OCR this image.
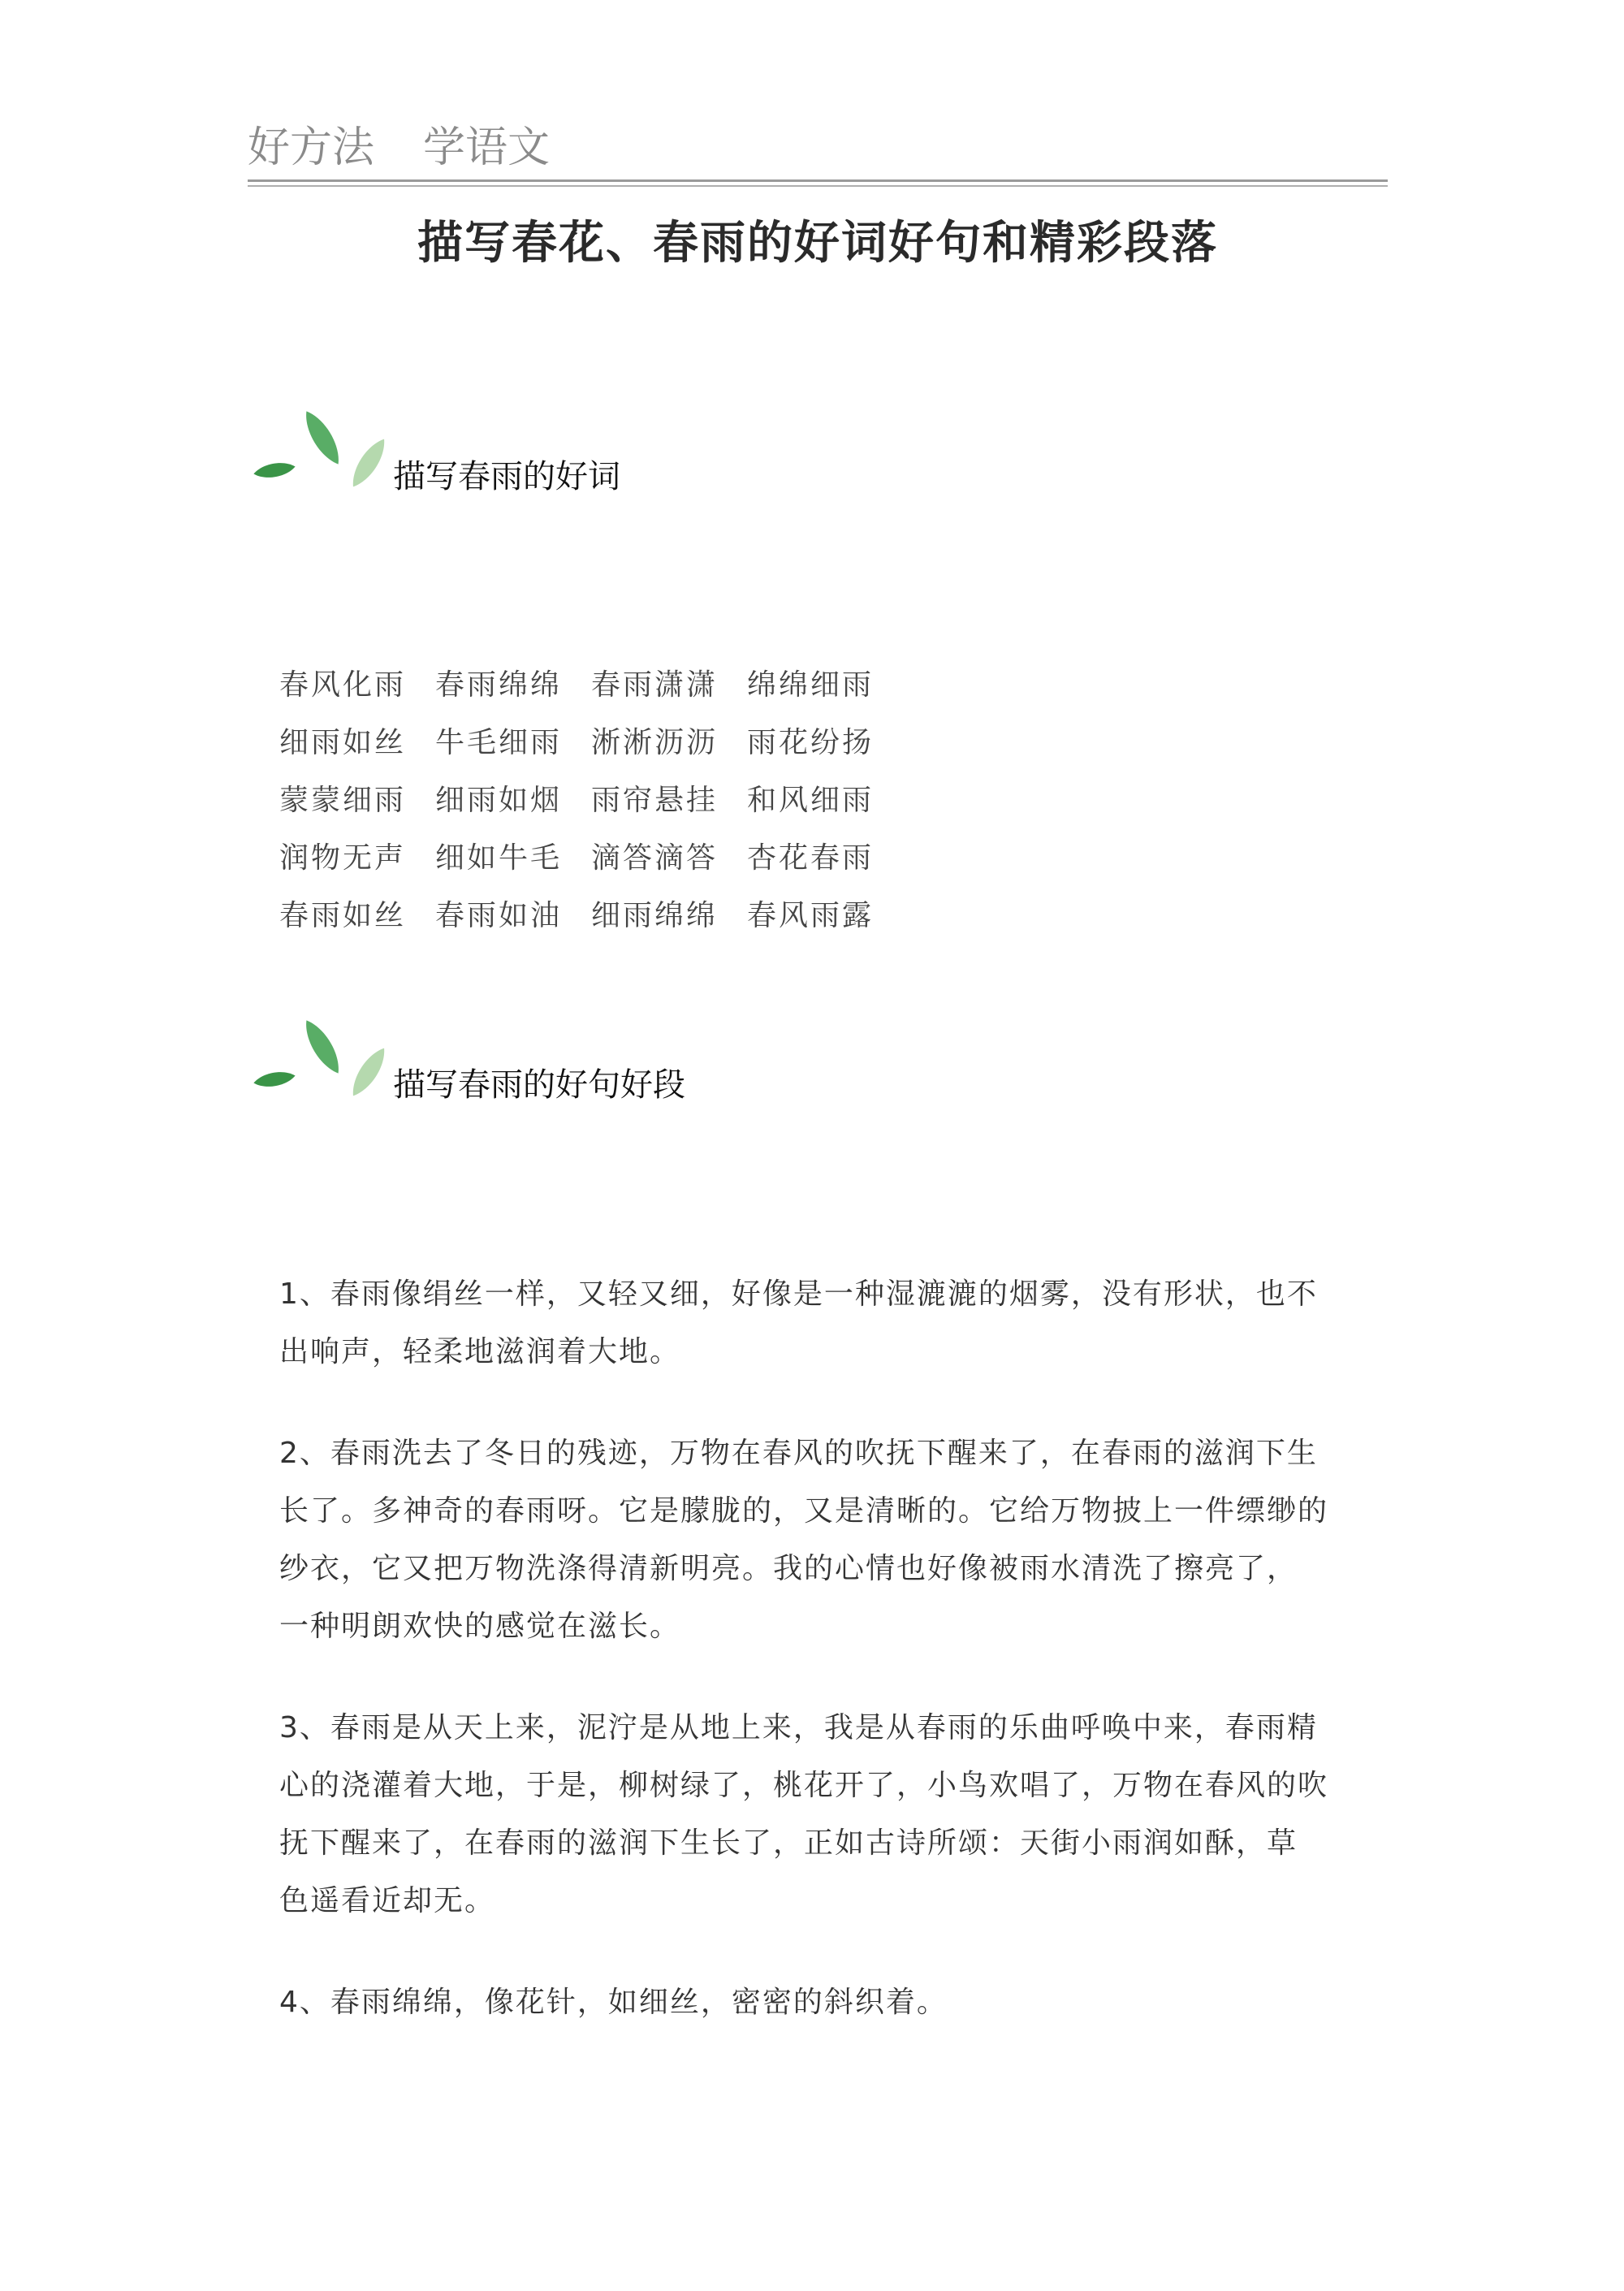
好方法 学语文
描写春花、春雨的好词好句和精彩段落
描写春雨的好词
春风化雨 春雨绵绵 春雨潇潇 绵绵细雨
细雨如丝 牛毛细雨 淅淅沥沥 雨花纷扬
蒙蒙细雨 细雨如烟 雨帘悬挂 和风细雨
润物无声 细如牛毛 滴答滴答 杏花春雨
春雨如丝 春雨如油 细雨绵绵 春风雨露
描写春雨的好句好段
1、春雨像绢丝一样，又轻又细，好像是一种湿漉漉的烟雾，没有形状，也不
出响声，轻柔地滋润着大地。
2、春雨洗去了冬日的残迹，万物在春风的吹抚下醒来了，在春雨的滋润下生
长了。多神奇的春雨呀。它是朦胧的，又是清晰的。它给万物披上一件缥缈的
纱衣，它又把万物洗涤得清新明亮。我的心情也好像被雨水清洗了擦亮了，
一种明朗欢快的感觉在滋长。
3、春雨是从天上来，泥泞是从地上来，我是从春雨的乐曲呼唤中来，春雨精
心的浇灌着大地，于是，柳树绿了，桃花开了，小鸟欢唱了，万物在春风的吹
抚下醒来了，在春雨的滋润下生长了，正如古诗所颂：天街小雨润如酥，草
色遥看近却无。
4、春雨绵绵，像花针，如细丝，密密的斜织着。
